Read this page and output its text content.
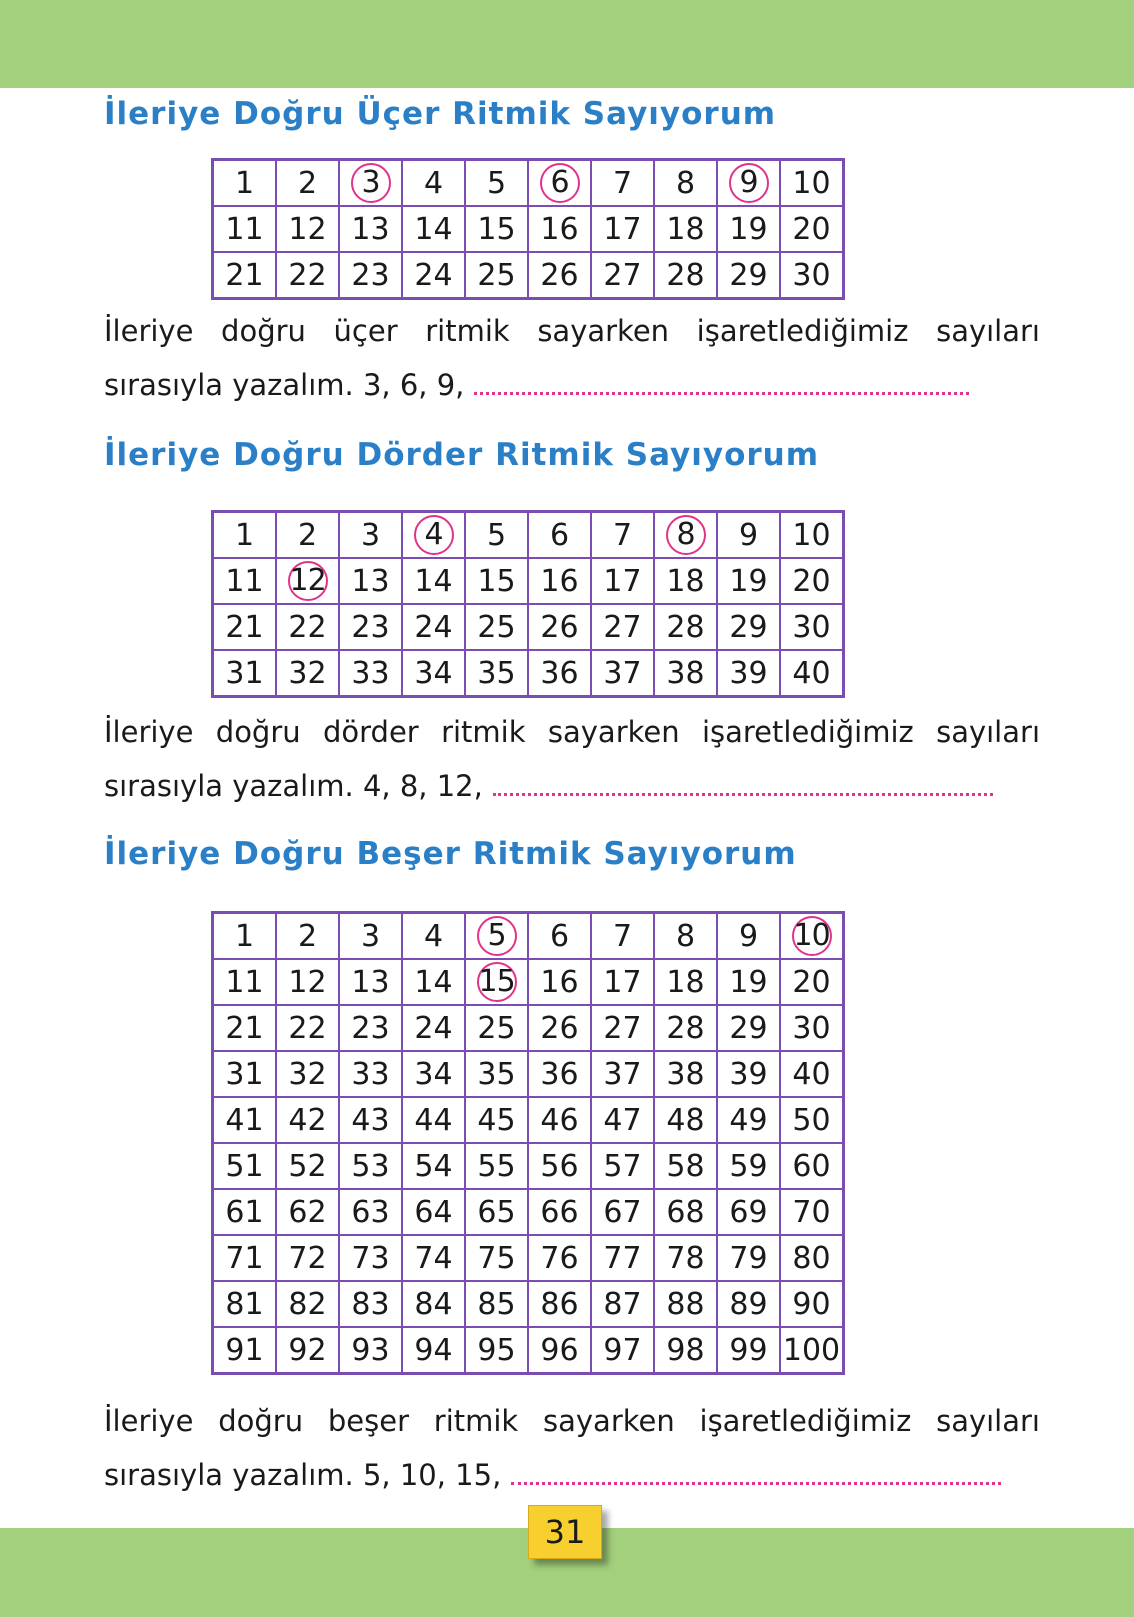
İleriye Doğru Üçer Ritmik Sayıyorum
1	2	3	4	5	6	7	8	9	10
11	12	13	14	15	16	17	18	19	20
21	22	23	24	25	26	27	28	29	30

İleriye doğru üçer ritmik sayarken işaretlediğimiz sayıları

sırasıyla yazalım. 3, 6, 9,

İleriye Doğru Dörder Ritmik Sayıyorum
1	2	3	4	5	6	7	8	9	10
11	12	13	14	15	16	17	18	19	20
21	22	23	24	25	26	27	28	29	30
31	32	33	34	35	36	37	38	39	40

İleriye doğru dörder ritmik sayarken işaretlediğimiz sayıları

sırasıyla yazalım. 4, 8, 12,

İleriye Doğru Beşer Ritmik Sayıyorum
1	2	3	4	5	6	7	8	9	10
11	12	13	14	15	16	17	18	19	20
21	22	23	24	25	26	27	28	29	30
31	32	33	34	35	36	37	38	39	40
41	42	43	44	45	46	47	48	49	50
51	52	53	54	55	56	57	58	59	60
61	62	63	64	65	66	67	68	69	70
71	72	73	74	75	76	77	78	79	80
81	82	83	84	85	86	87	88	89	90
91	92	93	94	95	96	97	98	99	100

İleriye doğru beşer ritmik sayarken işaretlediğimiz sayıları

sırasıyla yazalım. 5, 10, 15,

31
